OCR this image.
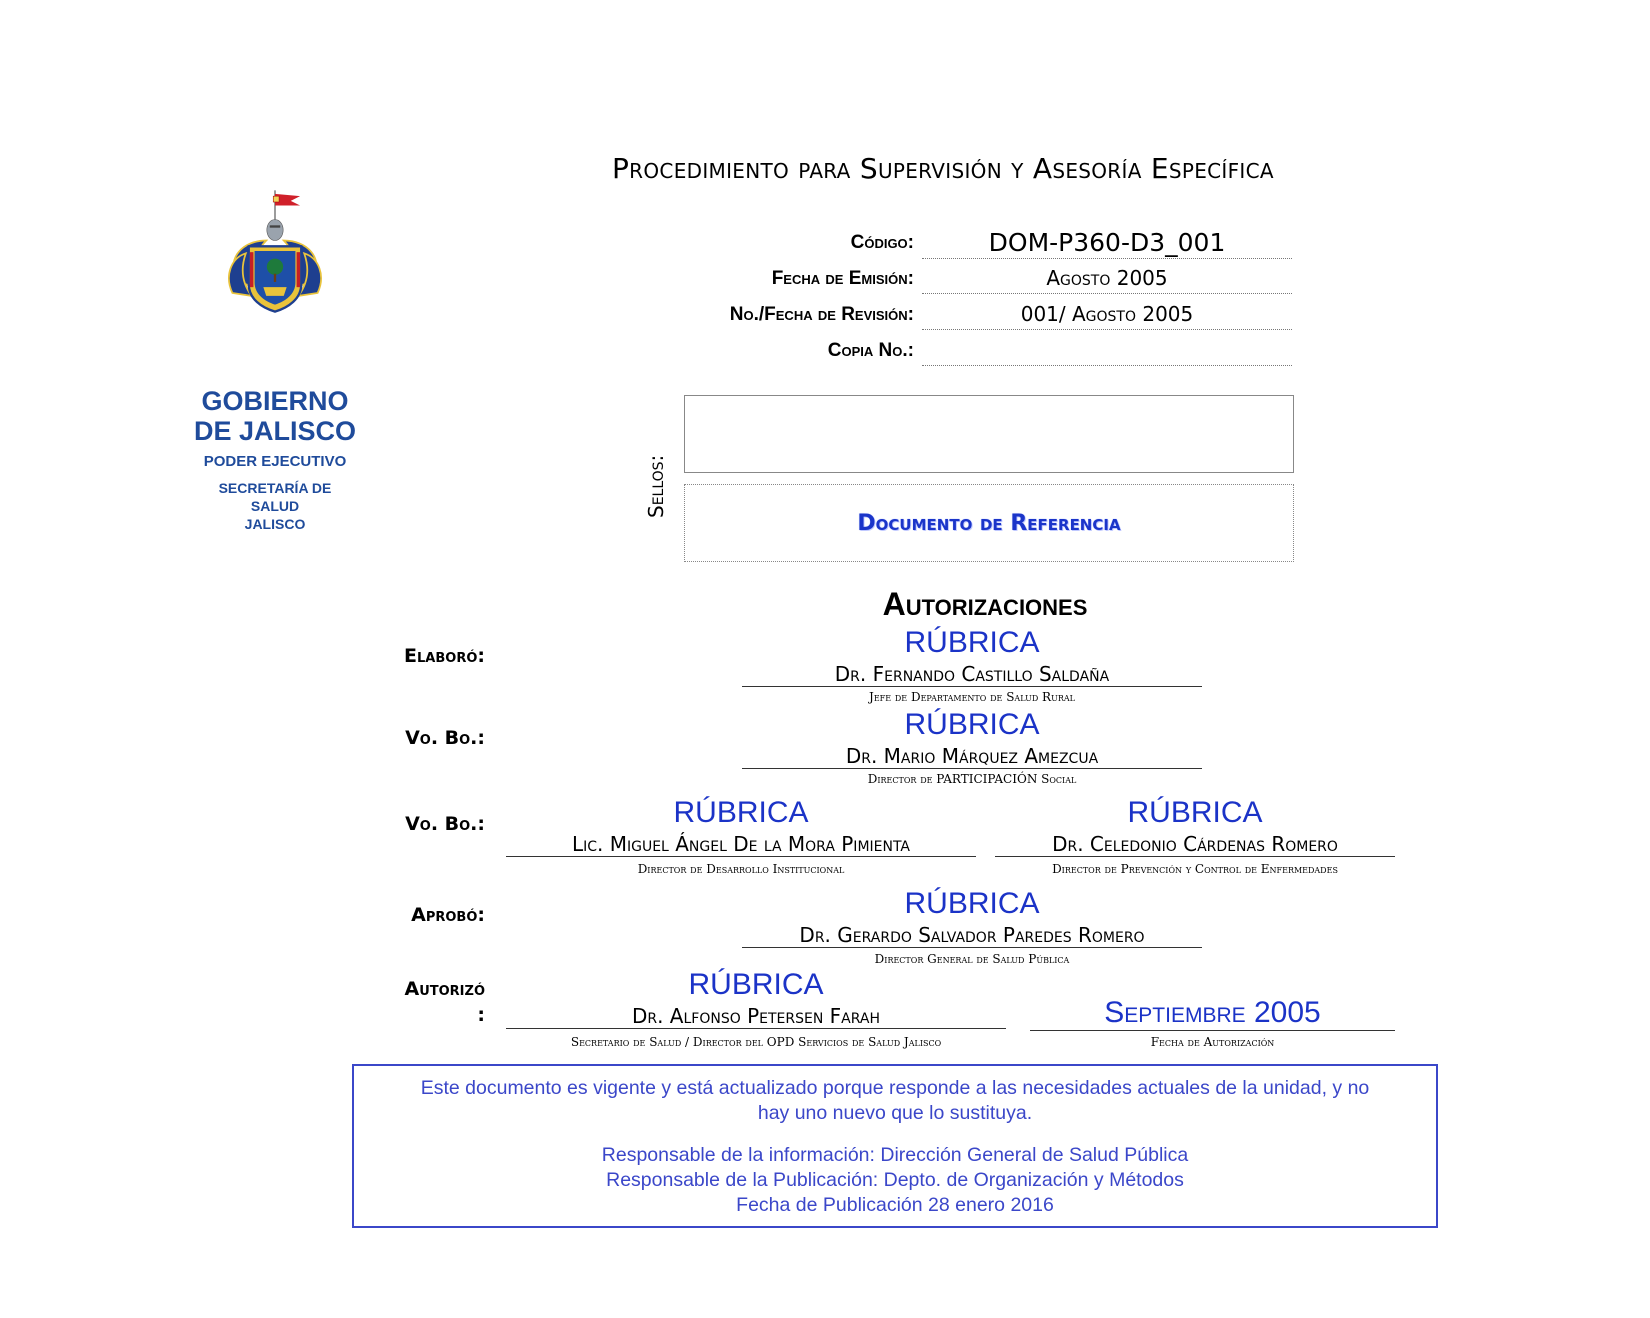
Procedimiento para Supervisión y Asesoría Específica
GOBIERNO
DE JALISCO
PODER EJECUTIVO
SECRETARÍA DE
SALUD
JALISCO
Código:	DOM-P360-D3_001
Fecha de Emisión:	Agosto 2005
No./Fecha de Revisión:	001/ Agosto 2005
Copia No.:
Sellos:
Documento de Referencia
Autorizaciones
Elaboró:	RÚBRICA
Dr. Fernando Castillo Saldaña
Jefe de Departamento de Salud Rural
Vo. Bo.:	RÚBRICA
Dr. Mario Márquez Amezcua
Director de PARTICIPACIÓN Social
Vo. Bo.:	RÚBRICA
Lic. Miguel Ángel De la Mora Pimienta
Director de Desarrollo Institucional
RÚBRICA
Dr. Celedonio Cárdenas Romero
Director de Prevención y Control de Enfermedades
Aprobó:	RÚBRICA
Dr. Gerardo Salvador Paredes Romero
Director General de Salud Pública
Autorizó
:
RÚBRICA
Dr. Alfonso Petersen Farah
Secretario de Salud / Director del OPD Servicios de Salud Jalisco
Septiembre 2005
Fecha de Autorización

Este documento es vigente y está actualizado porque responde a las necesidades actuales de la unidad, y no

hay uno nuevo que lo sustituya.

Responsable de la información: Dirección General de Salud Pública

Responsable de la Publicación: Depto. de Organización y Métodos

Fecha de Publicación 28 enero 2016
